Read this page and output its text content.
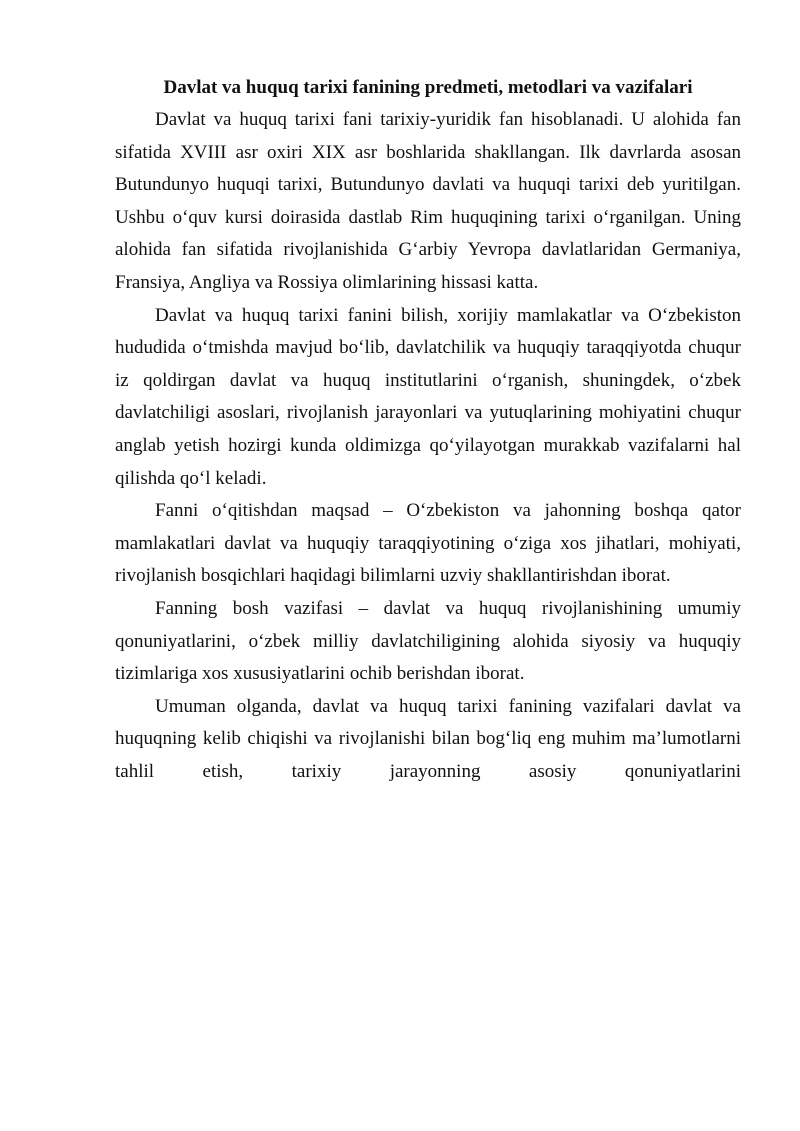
Davlat va huquq tarixi fanining predmeti, metodlari va vazifalari

Davlat va huquq tarixi fani tarixiy-yuridik fan hisoblanadi. U alohida fan sifatida XVIII asr oxiri XIX asr boshlarida shakllangan. Ilk davrlarda asosan Butundunyo huquqi tarixi, Butundunyo davlati va huquqi tarixi deb yuritilgan. Ushbu o‘quv kursi doirasida dastlab Rim huquqining tarixi o‘rganilgan. Uning alohida fan sifatida rivojlanishida G‘arbiy Yevropa davlatlaridan Germaniya, Fransiya, Angliya va Rossiya olimlarining hissasi katta.

Davlat va huquq tarixi fanini bilish, xorijiy mamlakatlar va O‘zbekiston hududida o‘tmishda mavjud bo‘lib, davlatchilik va huquqiy taraqqiyotda chuqur iz qoldirgan davlat va huquq institutlarini o‘rganish, shuningdek, o‘zbek davlatchiligi asoslari, rivojlanish jarayonlari va yutuqlarining mohiyatini chuqur anglab yetish hozirgi kunda oldimizga qo‘yilayotgan murakkab vazifalarni hal qilishda qo‘l keladi.

Fanni o‘qitishdan maqsad – O‘zbekiston va jahonning boshqa qator mamlakatlari davlat va huquqiy taraqqiyotining o‘ziga xos jihatlari, mohiyati, rivojlanish bosqichlari haqidagi bilimlarni uzviy shakllantirishdan iborat.

Fanning bosh vazifasi – davlat va huquq rivojlanishining umumiy qonuniyatlarini, o‘zbek milliy davlatchiligining alohida siyosiy va huquqiy tizimlariga xos xususiyatlarini ochib berishdan iborat.

Umuman olganda, davlat va huquq tarixi fanining vazifalari davlat va huquqning kelib chiqishi va rivojlanishi bilan bog‘liq eng muhim ma’lumotlarni tahlil etish, tarixiy jarayonning asosiy qonuniyatlarini
